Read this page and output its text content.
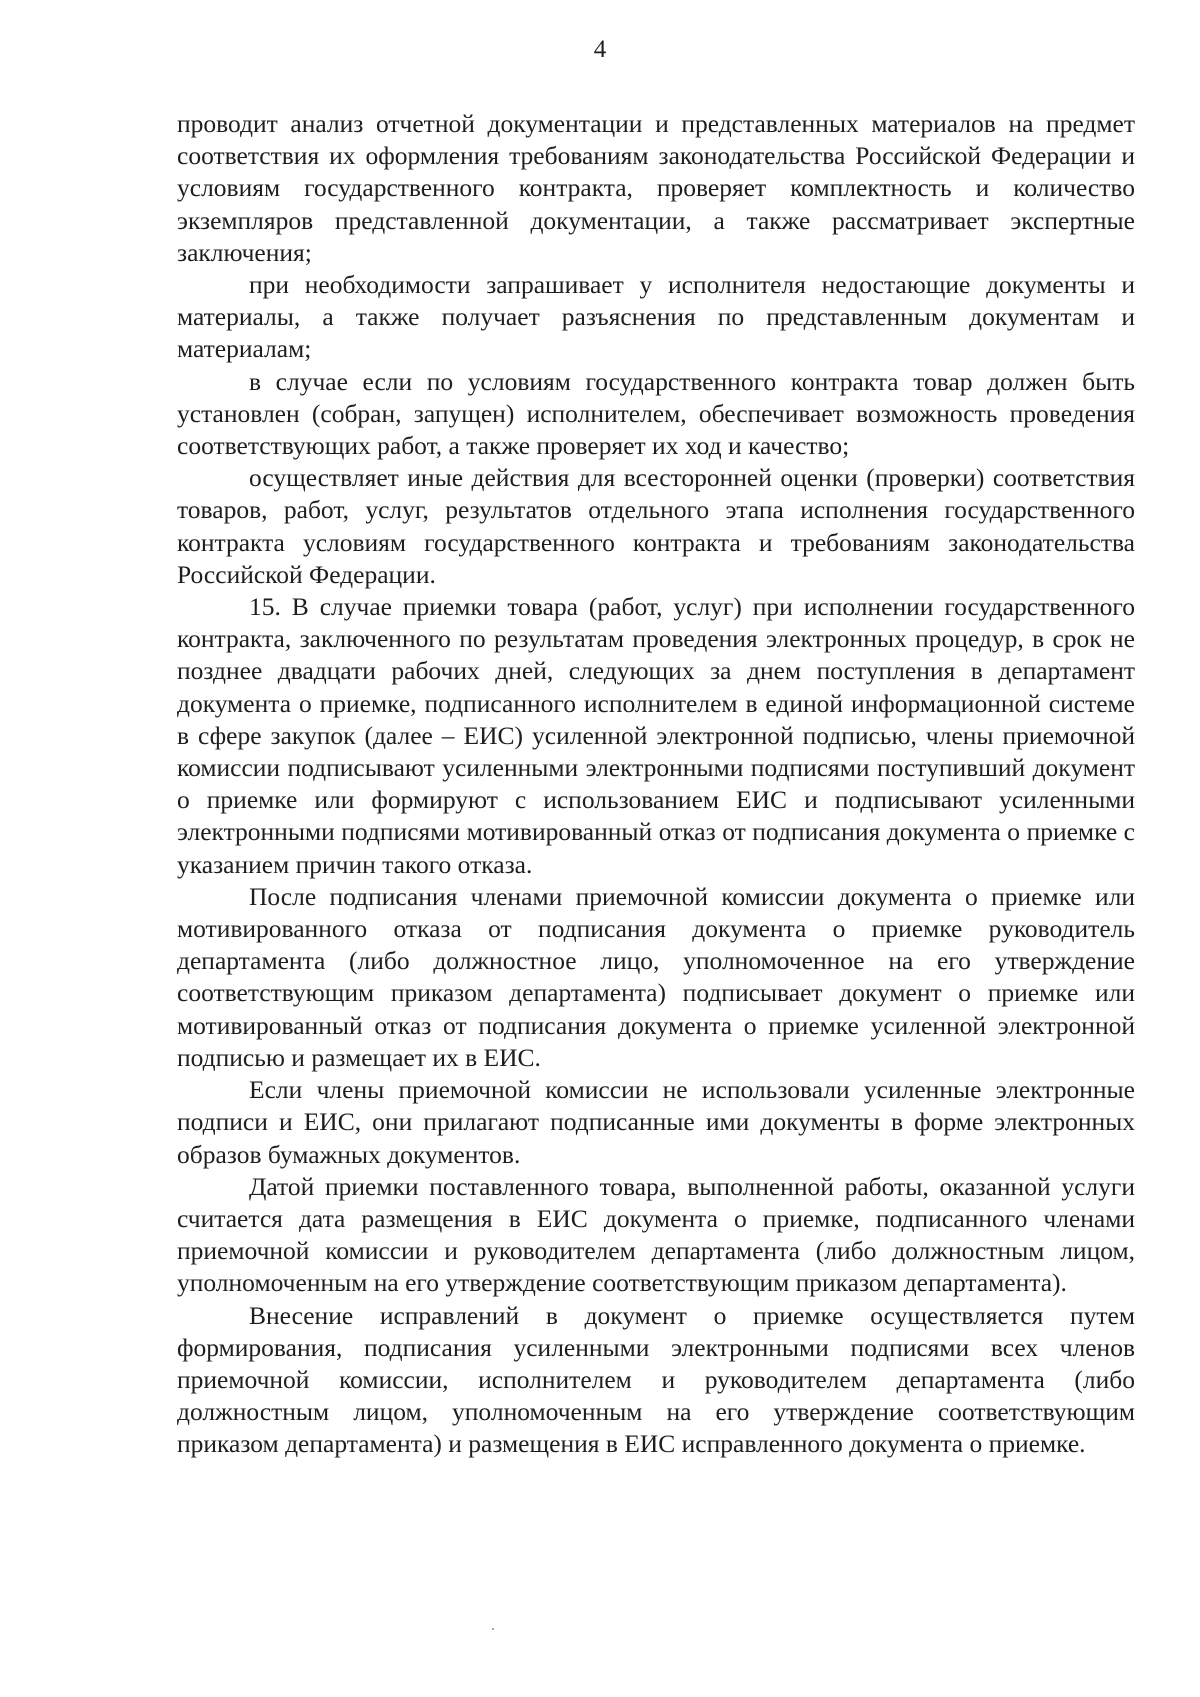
4

проводит анализ отчетной документации и представленных материалов на предмет соответствия их оформления требованиям законодательства Российской Федерации и условиям государственного контракта, проверяет комплектность и количество экземпляров представленной документации, а также рассматривает экспертные заключения;

при необходимости запрашивает у исполнителя недостающие документы и материалы, а также получает разъяснения по представленным документам и материалам;

в случае если по условиям государственного контракта товар должен быть установлен (собран, запущен) исполнителем, обеспечивает возможность проведения соответствующих работ, а также проверяет их ход и качество;

осуществляет иные действия для всесторонней оценки (проверки) соответствия товаров, работ, услуг, результатов отдельного этапа исполнения государственного контракта условиям государственного контракта и требованиям законодательства Российской Федерации.

15. В случае приемки товара (работ, услуг) при исполнении государственного контракта, заключенного по результатам проведения электронных процедур, в срок не позднее двадцати рабочих дней, следующих за днем поступления в департамент документа о приемке, подписанного исполнителем в единой информационной системе в сфере закупок (далее – ЕИС) усиленной электронной подписью, члены приемочной комиссии подписывают усиленными электронными подписями поступивший документ о приемке или формируют с использованием ЕИС и подписывают усиленными электронными подписями мотивированный отказ от подписания документа о приемке с указанием причин такого отказа.

После подписания членами приемочной комиссии документа о приемке или мотивированного отказа от подписания документа о приемке руководитель департамента (либо должностное лицо, уполномоченное на его утверждение соответствующим приказом департамента) подписывает документ о приемке или мотивированный отказ от подписания документа о приемке усиленной электронной подписью и размещает их в ЕИС.

Если члены приемочной комиссии не использовали усиленные электронные подписи и ЕИС, они прилагают подписанные ими документы в форме электронных образов бумажных документов.

Датой приемки поставленного товара, выполненной работы, оказанной услуги считается дата размещения в ЕИС документа о приемке, подписанного членами приемочной комиссии и руководителем департамента (либо должностным лицом, уполномоченным на его утверждение соответствующим приказом департамента).

Внесение исправлений в документ о приемке осуществляется путем формирования, подписания усиленными электронными подписями всех членов приемочной комиссии, исполнителем и руководителем департамента (либо должностным лицом, уполномоченным на его утверждение соответствующим приказом департамента) и размещения в ЕИС исправленного документа о приемке.
